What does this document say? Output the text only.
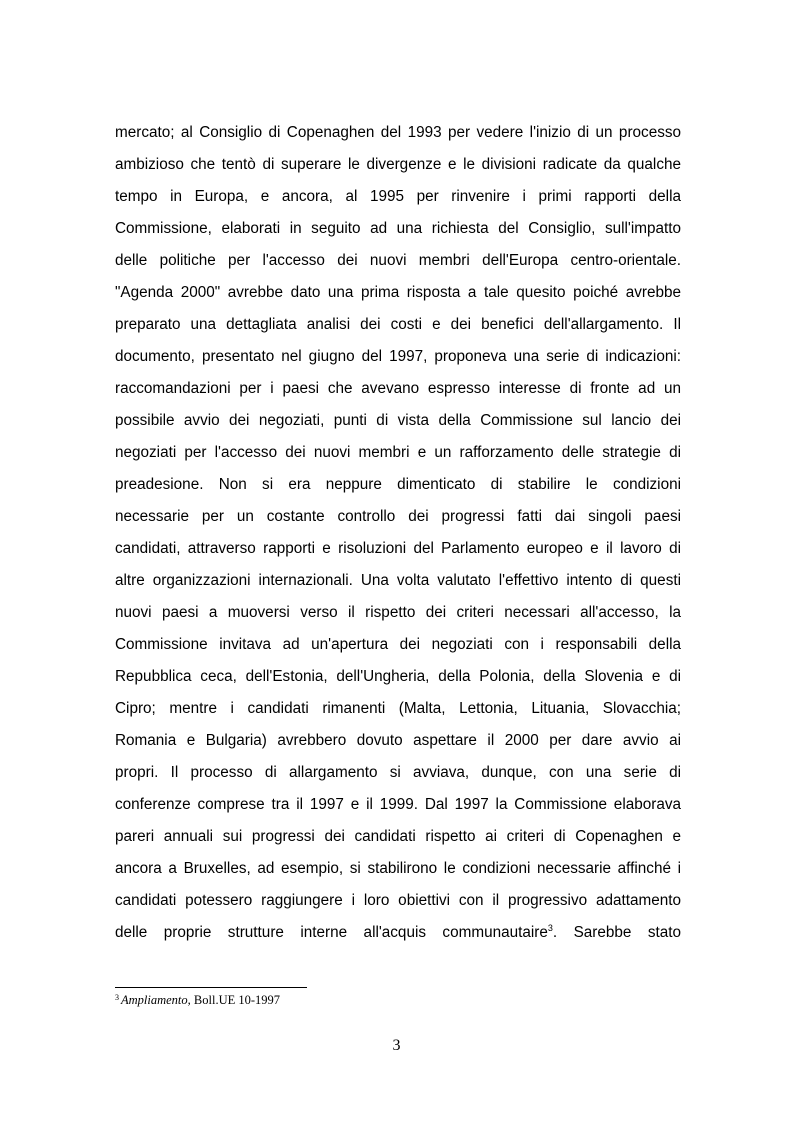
mercato; al Consiglio di Copenaghen del 1993 per vedere l'inizio di un processo
ambizioso che tentò di superare le divergenze e le divisioni radicate da qualche
tempo in Europa, e ancora, al 1995 per rinvenire i primi rapporti della
Commissione, elaborati in seguito ad una richiesta del Consiglio, sull'impatto
delle politiche per l'accesso dei nuovi membri dell'Europa centro-orientale.
"Agenda 2000" avrebbe dato una prima risposta a tale quesito poiché avrebbe
preparato una dettagliata analisi dei costi e dei benefici dell'allargamento. Il
documento, presentato nel giugno del 1997, proponeva una serie di indicazioni:
raccomandazioni per i paesi che avevano espresso interesse di fronte ad un
possibile avvio dei negoziati, punti di vista della Commissione sul lancio dei
negoziati per l'accesso dei nuovi membri e un rafforzamento delle strategie di
preadesione. Non si era neppure dimenticato di stabilire le condizioni
necessarie per un costante controllo dei progressi fatti dai singoli paesi
candidati, attraverso rapporti e risoluzioni del Parlamento europeo e il lavoro di
altre organizzazioni internazionali. Una volta valutato l'effettivo intento di questi
nuovi paesi a muoversi verso il rispetto dei criteri necessari all'accesso, la
Commissione invitava ad un'apertura dei negoziati con i responsabili della
Repubblica ceca, dell'Estonia, dell'Ungheria, della Polonia, della Slovenia e di
Cipro; mentre i candidati rimanenti (Malta, Lettonia, Lituania, Slovacchia;
Romania e Bulgaria) avrebbero dovuto aspettare il 2000 per dare avvio ai
propri. Il processo di allargamento si avviava, dunque, con una serie di
conferenze comprese tra il 1997 e il 1999. Dal 1997 la Commissione elaborava
pareri annuali sui progressi dei candidati rispetto ai criteri di Copenaghen e
ancora a Bruxelles, ad esempio, si stabilirono le condizioni necessarie affinché i
candidati potessero raggiungere i loro obiettivi con il progressivo adattamento
delle proprie strutture interne all'acquis communautaire$^3$. Sarebbe stato
$^3$ Ampliamento, Boll.UE 10-1997
3
